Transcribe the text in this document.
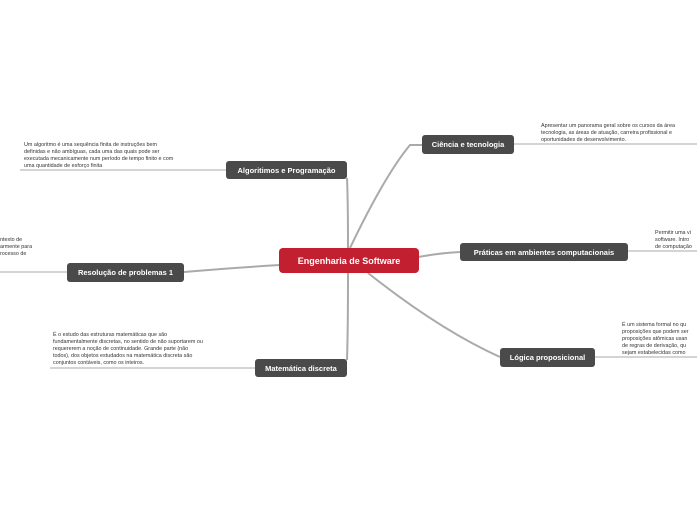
Engenharia de Software
Ciência e tecnologia
Práticas em ambientes computacionais
Lógica proposicional
Algoritimos e Programação
Resolução de problemas 1
Matemática discreta
Apresentar um panorama geral sobre os cursos da área
tecnologia, as áreas de atuação, carreira profissional e
oportunidades de desenvolvimento.
Permitir uma vi
software. Intro
de computação
É um sistema formal no qu
proposições que podem ser
proposições atômicas usan
de regras de derivação, qu
sejam estabelecidas como
Um algoritmo é uma sequência finita de instruções bem
definidas e não ambíguas, cada uma das quais pode ser
executada mecanicamente num período de tempo finito e com
uma quantidade de esforço finita
ntexto de
armente para
rocesso de
É o estudo das estruturas matemáticas que são
fundamentalmente discretas, no sentido de não suportarem ou
requererem a noção de continuidade. Grande parte (não
todos), dos objetos estudados na matemática discreta são
conjuntos contáveis, como os inteiros.
